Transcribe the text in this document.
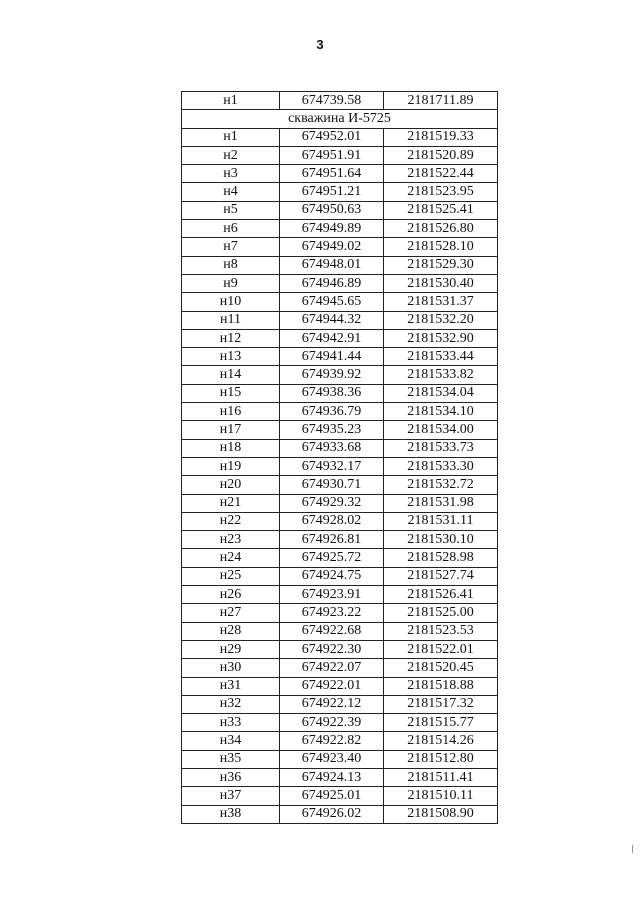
3
н1	674739.58	2181711.89
скважина И-5725		
н1	674952.01	2181519.33
н2	674951.91	2181520.89
н3	674951.64	2181522.44
н4	674951.21	2181523.95
н5	674950.63	2181525.41
н6	674949.89	2181526.80
н7	674949.02	2181528.10
н8	674948.01	2181529.30
н9	674946.89	2181530.40
н10	674945.65	2181531.37
н11	674944.32	2181532.20
н12	674942.91	2181532.90
н13	674941.44	2181533.44
н14	674939.92	2181533.82
н15	674938.36	2181534.04
н16	674936.79	2181534.10
н17	674935.23	2181534.00
н18	674933.68	2181533.73
н19	674932.17	2181533.30
н20	674930.71	2181532.72
н21	674929.32	2181531.98
н22	674928.02	2181531.11
н23	674926.81	2181530.10
н24	674925.72	2181528.98
н25	674924.75	2181527.74
н26	674923.91	2181526.41
н27	674923.22	2181525.00
н28	674922.68	2181523.53
н29	674922.30	2181522.01
н30	674922.07	2181520.45
н31	674922.01	2181518.88
н32	674922.12	2181517.32
н33	674922.39	2181515.77
н34	674922.82	2181514.26
н35	674923.40	2181512.80
н36	674924.13	2181511.41
н37	674925.01	2181510.11
н38	674926.02	2181508.90
